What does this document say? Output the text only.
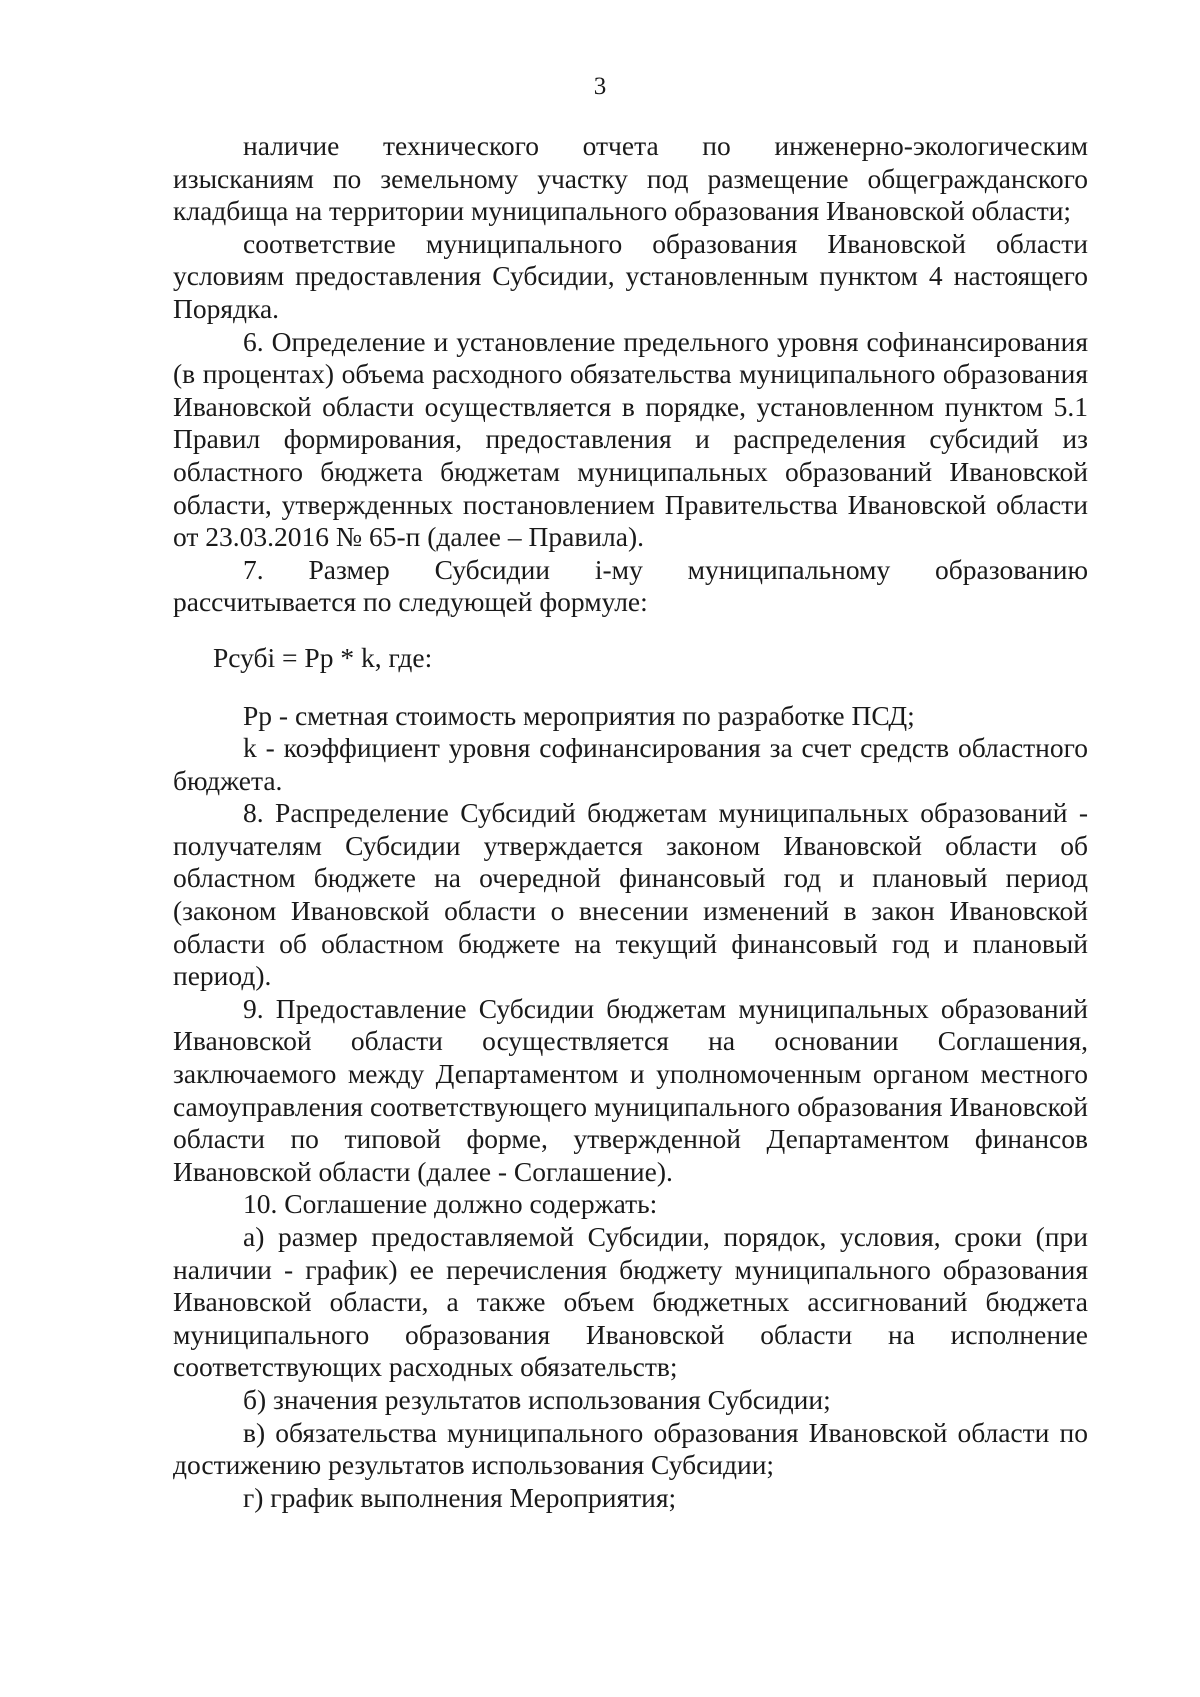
3

наличие технического отчета по инженерно-экологическим изысканиям по земельному участку под размещение общегражданского кладбища на территории муниципального образования Ивановской области;

соответствие муниципального образования Ивановской области условиям предоставления Субсидии, установленным пунктом 4 настоящего Порядка.

6. Определение и установление предельного уровня софинансирования (в процентах) объема расходного обязательства муниципального образования Ивановской области осуществляется в порядке, установленном пунктом 5.1 Правил формирования, предоставления и распределения субсидий из областного бюджета бюджетам муниципальных образований Ивановской области, утвержденных постановлением Правительства Ивановской области от 23.03.2016 № 65-п (далее – Правила).

7. Размер Субсидии i-му муниципальному образованию рассчитывается по следующей формуле:

Рсубi = Pp * k, где:

Pp - сметная стоимость мероприятия по разработке ПСД;

k - коэффициент уровня софинансирования за счет средств областного бюджета.

8. Распределение Субсидий бюджетам муниципальных образований - получателям Субсидии утверждается законом Ивановской области об областном бюджете на очередной финансовый год и плановый период (законом Ивановской области о внесении изменений в закон Ивановской области об областном бюджете на текущий финансовый год и плановый период).

9. Предоставление Субсидии бюджетам муниципальных образований Ивановской области осуществляется на основании Соглашения, заключаемого между Департаментом и уполномоченным органом местного самоуправления соответствующего муниципального образования Ивановской области по типовой форме, утвержденной Департаментом финансов Ивановской области (далее - Соглашение).

10. Соглашение должно содержать:

а) размер предоставляемой Субсидии, порядок, условия, сроки (при наличии - график) ее перечисления бюджету муниципального образования Ивановской области, а также объем бюджетных ассигнований бюджета муниципального образования Ивановской области на исполнение соответствующих расходных обязательств;

б) значения результатов использования Субсидии;

в) обязательства муниципального образования Ивановской области по достижению результатов использования Субсидии;

г) график выполнения Мероприятия;
